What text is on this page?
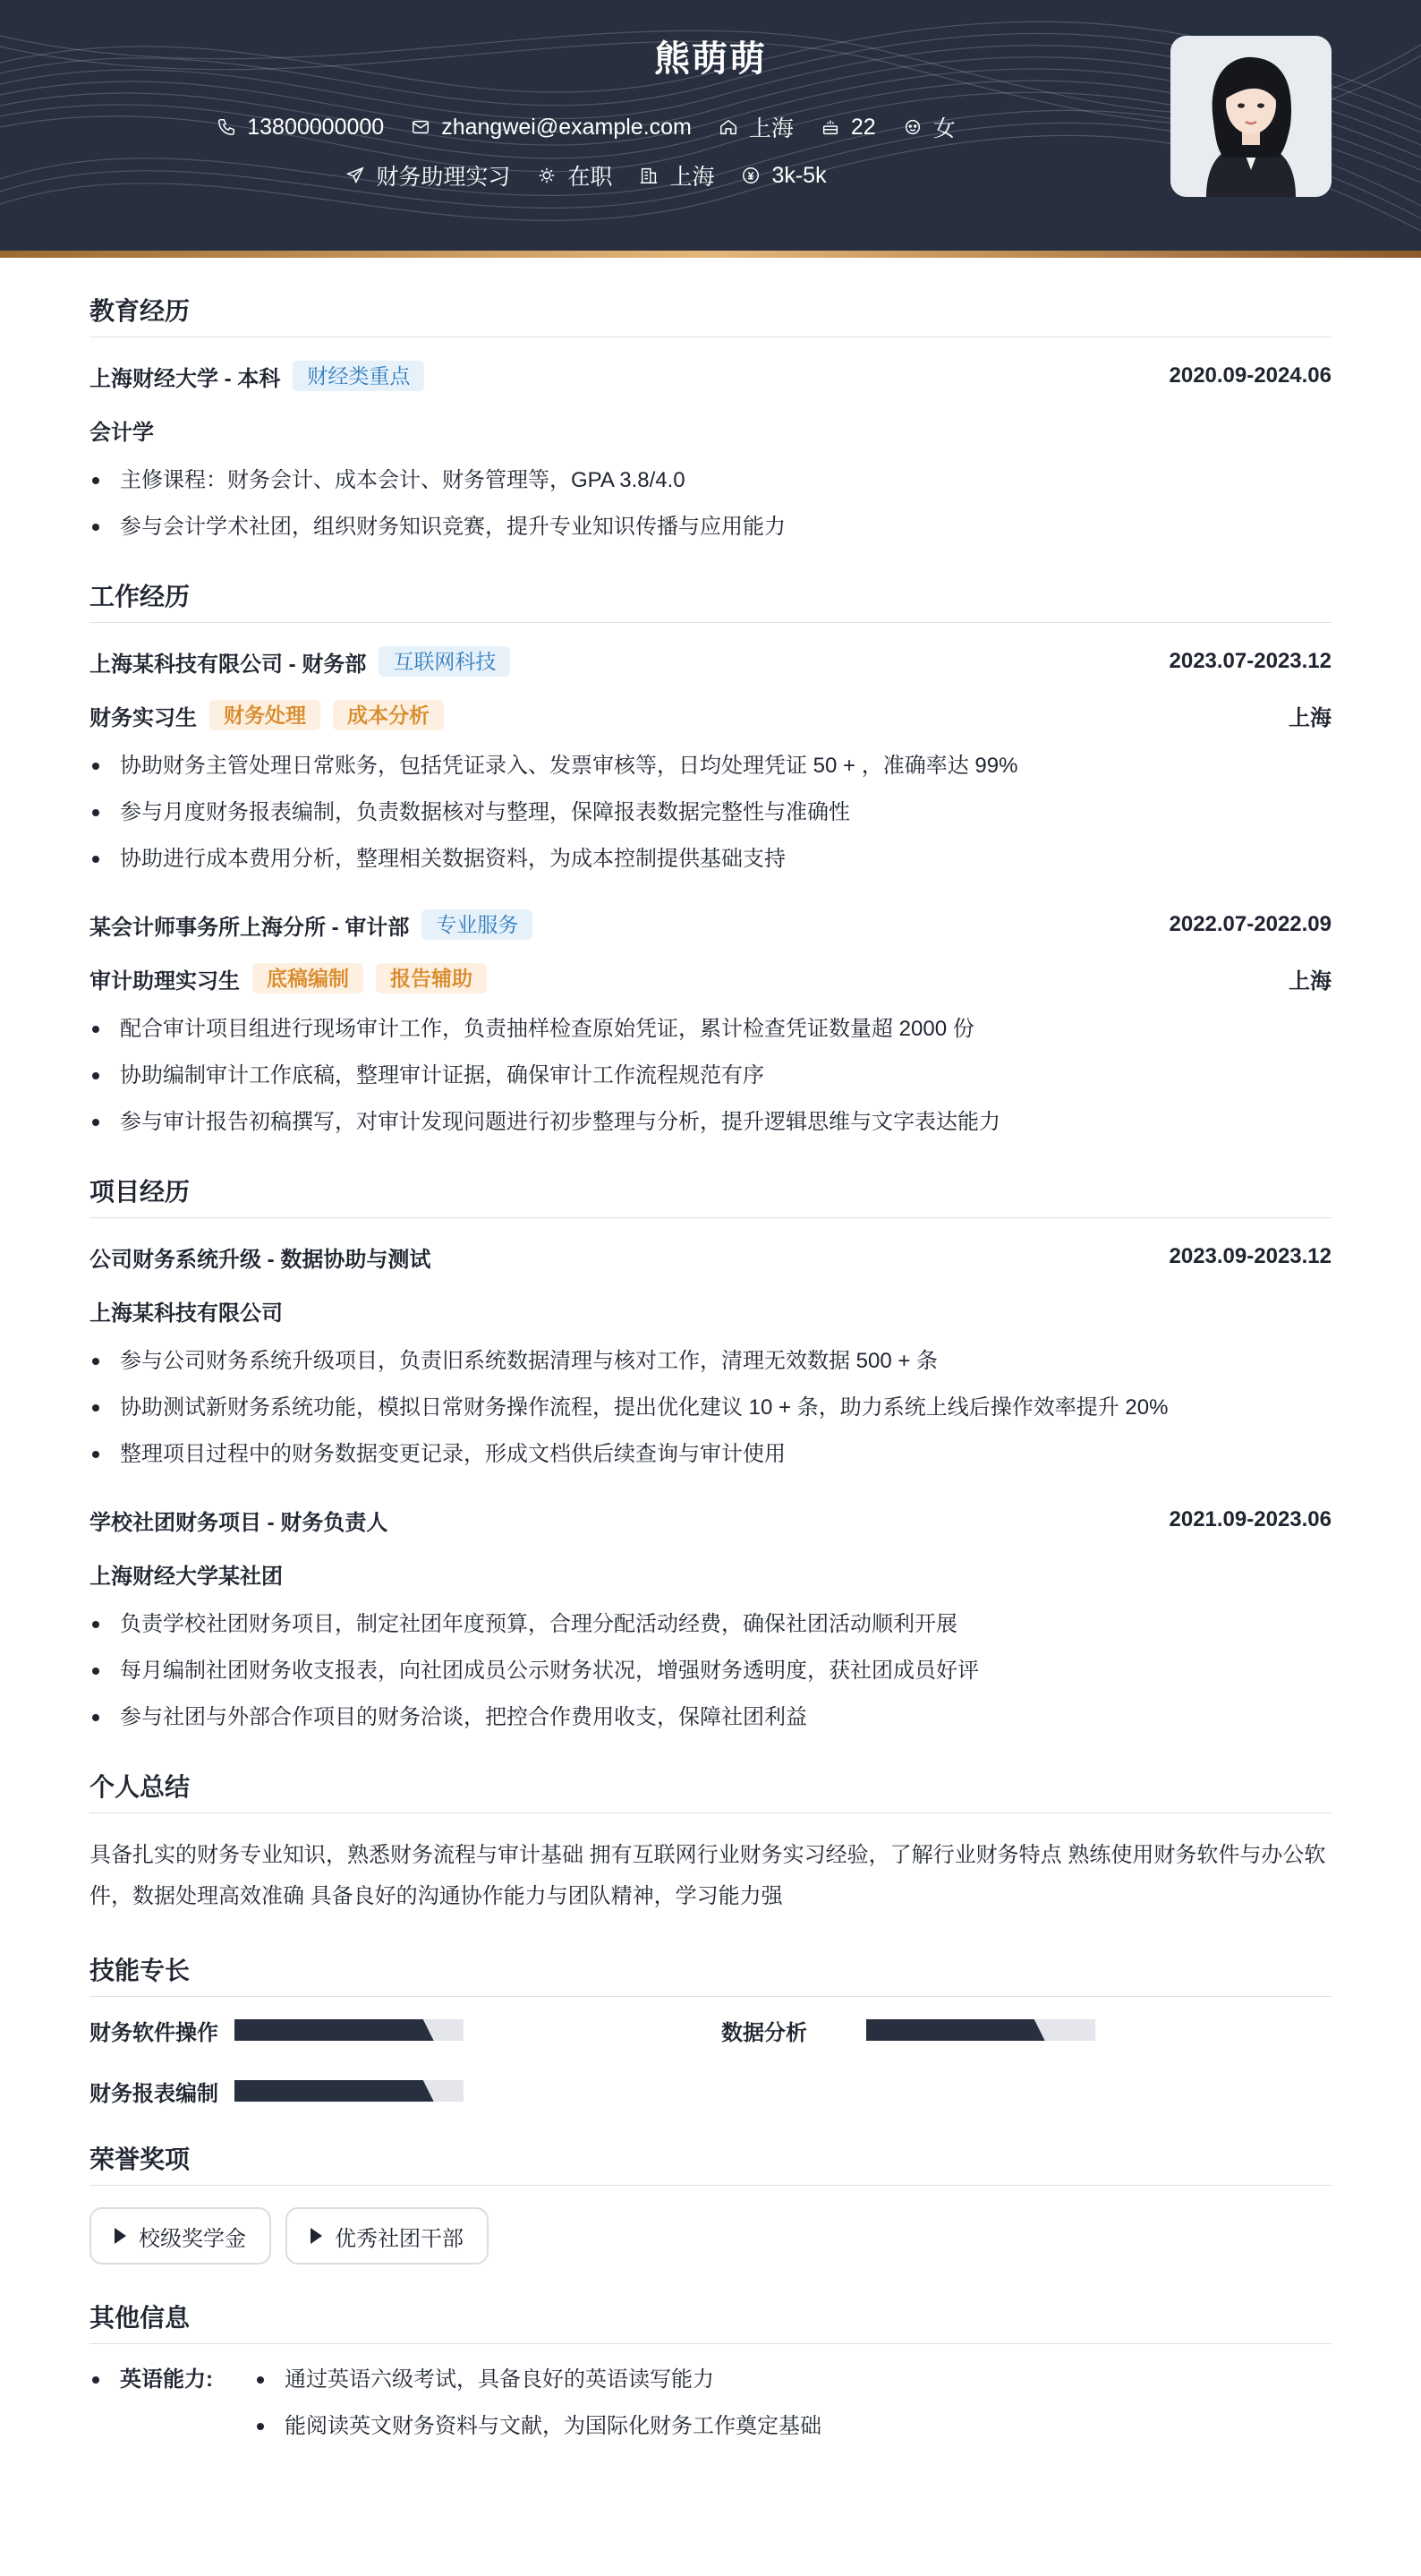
熊萌萌
13800000000	zhangwei@example.com	上海	22	女
财务助理实习	在职	上海	3k-5k
教育经历
上海财经大学 - 本科	财经类重点	2020.09-2024.06
会计学
主修课程：财务会计、成本会计、财务管理等，GPA 3.8/4.0
参与会计学术社团，组织财务知识竞赛，提升专业知识传播与应用能力
工作经历
上海某科技有限公司 - 财务部	互联网科技	2023.07-2023.12
财务实习生	财务处理	成本分析	上海
协助财务主管处理日常账务，包括凭证录入、发票审核等，日均处理凭证 50 + ，准确率达 99%
参与月度财务报表编制，负责数据核对与整理，保障报表数据完整性与准确性
协助进行成本费用分析，整理相关数据资料，为成本控制提供基础支持
某会计师事务所上海分所 - 审计部	专业服务	2022.07-2022.09
审计助理实习生	底稿编制	报告辅助	上海
配合审计项目组进行现场审计工作，负责抽样检查原始凭证，累计检查凭证数量超 2000 份
协助编制审计工作底稿，整理审计证据，确保审计工作流程规范有序
参与审计报告初稿撰写，对审计发现问题进行初步整理与分析，提升逻辑思维与文字表达能力
项目经历
公司财务系统升级 - 数据协助与测试	2023.09-2023.12
上海某科技有限公司
参与公司财务系统升级项目，负责旧系统数据清理与核对工作，清理无效数据 500 + 条
协助测试新财务系统功能，模拟日常财务操作流程，提出优化建议 10 + 条，助力系统上线后操作效率提升 20%
整理项目过程中的财务数据变更记录，形成文档供后续查询与审计使用
学校社团财务项目 - 财务负责人	2021.09-2023.06
上海财经大学某社团
负责学校社团财务项目，制定社团年度预算，合理分配活动经费，确保社团活动顺利开展
每月编制社团财务收支报表，向社团成员公示财务状况，增强财务透明度，获社团成员好评
参与社团与外部合作项目的财务洽谈，把控合作费用收支，保障社团利益
个人总结

具备扎实的财务专业知识，熟悉财务流程与审计基础 拥有互联网行业财务实习经验，了解行业财务特点 熟练使用财务软件与办公软件，数据处理高效准确 具备良好的沟通协作能力与团队精神，学习能力强

技能专长
财务软件操作	数据分析
财务报表编制
荣誉奖项
校级奖学金	优秀社团干部
其他信息
英语能力:	通过英语六级考试，具备良好的英语读写能力
能阅读英文财务资料与文献，为国际化财务工作奠定基础
